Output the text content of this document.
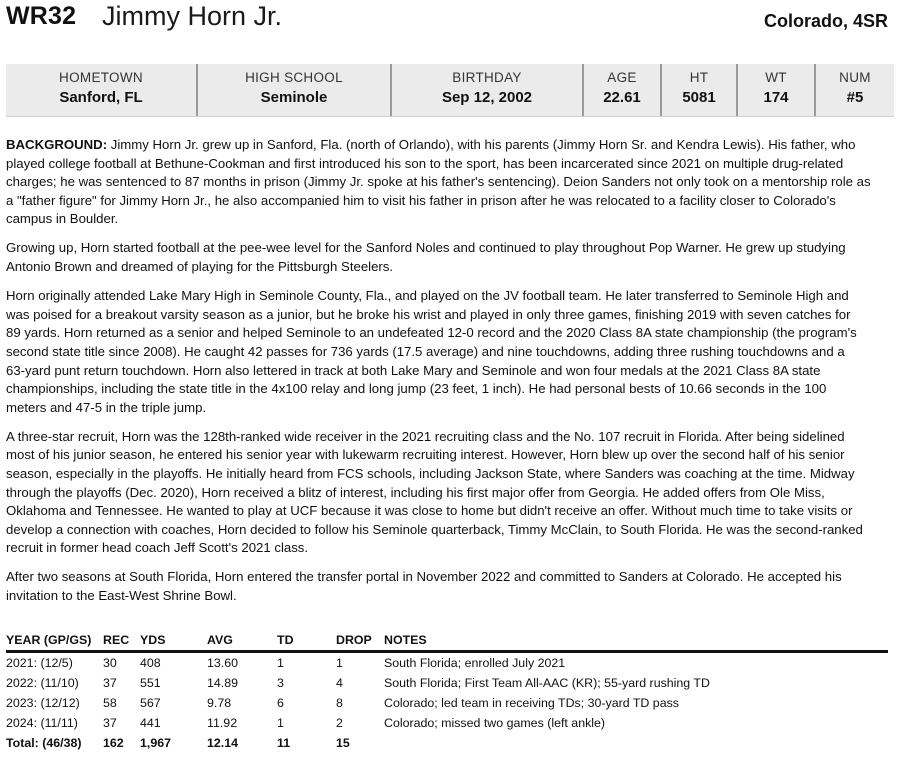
WR32 Jimmy Horn Jr.	Colorado, 4SR
HOMETOWN
Sanford, FL
HIGH SCHOOL
Seminole
BIRTHDAY
Sep 12, 2002
AGE
22.61
HT
5081
WT
174
NUM
#5

BACKGROUND: Jimmy Horn Jr. grew up in Sanford, Fla. (north of Orlando), with his parents (Jimmy Horn Sr. and Kendra Lewis). His father, who
played college football at Bethune-Cookman and first introduced his son to the sport, has been incarcerated since 2021 on multiple drug-related
charges; he was sentenced to 87 months in prison (Jimmy Jr. spoke at his father's sentencing). Deion Sanders not only took on a mentorship role as
a "father figure" for Jimmy Horn Jr., he also accompanied him to visit his father in prison after he was relocated to a facility closer to Colorado's
campus in Boulder.

Growing up, Horn started football at the pee-wee level for the Sanford Noles and continued to play throughout Pop Warner. He grew up studying
Antonio Brown and dreamed of playing for the Pittsburgh Steelers.

Horn originally attended Lake Mary High in Seminole County, Fla., and played on the JV football team. He later transferred to Seminole High and
was poised for a breakout varsity season as a junior, but he broke his wrist and played in only three games, finishing 2019 with seven catches for
89 yards. Horn returned as a senior and helped Seminole to an undefeated 12-0 record and the 2020 Class 8A state championship (the program's
second state title since 2008). He caught 42 passes for 736 yards (17.5 average) and nine touchdowns, adding three rushing touchdowns and a
63-yard punt return touchdown. Horn also lettered in track at both Lake Mary and Seminole and won four medals at the 2021 Class 8A state
championships, including the state title in the 4x100 relay and long jump (23 feet, 1 inch). He had personal bests of 10.66 seconds in the 100
meters and 47-5 in the triple jump.

A three-star recruit, Horn was the 128th-ranked wide receiver in the 2021 recruiting class and the No. 107 recruit in Florida. After being sidelined
most of his junior season, he entered his senior year with lukewarm recruiting interest. However, Horn blew up over the second half of his senior
season, especially in the playoffs. He initially heard from FCS schools, including Jackson State, where Sanders was coaching at the time. Midway
through the playoffs (Dec. 2020), Horn received a blitz of interest, including his first major offer from Georgia. He added offers from Ole Miss,
Oklahoma and Tennessee. He wanted to play at UCF because it was close to home but didn't receive an offer. Without much time to take visits or
develop a connection with coaches, Horn decided to follow his Seminole quarterback, Timmy McClain, to South Florida. He was the second-ranked
recruit in former head coach Jeff Scott's 2021 class.

After two seasons at South Florida, Horn entered the transfer portal in November 2022 and committed to Sanders at Colorado. He accepted his
invitation to the East-West Shrine Bowl.

YEAR (GP/GS)	REC	YDS	AVG	TD	DROP	NOTES
2021: (12/5)	30	408	13.60	1	1	South Florida; enrolled July 2021
2022: (11/10)	37	551	14.89	3	4	South Florida; First Team All-AAC (KR); 55-yard rushing TD
2023: (12/12)	58	567	9.78	6	8	Colorado; led team in receiving TDs; 30-yard TD pass
2024: (11/11)	37	441	11.92	1	2	Colorado; missed two games (left ankle)
Total: (46/38)	162	1,967	12.14	11	15	
